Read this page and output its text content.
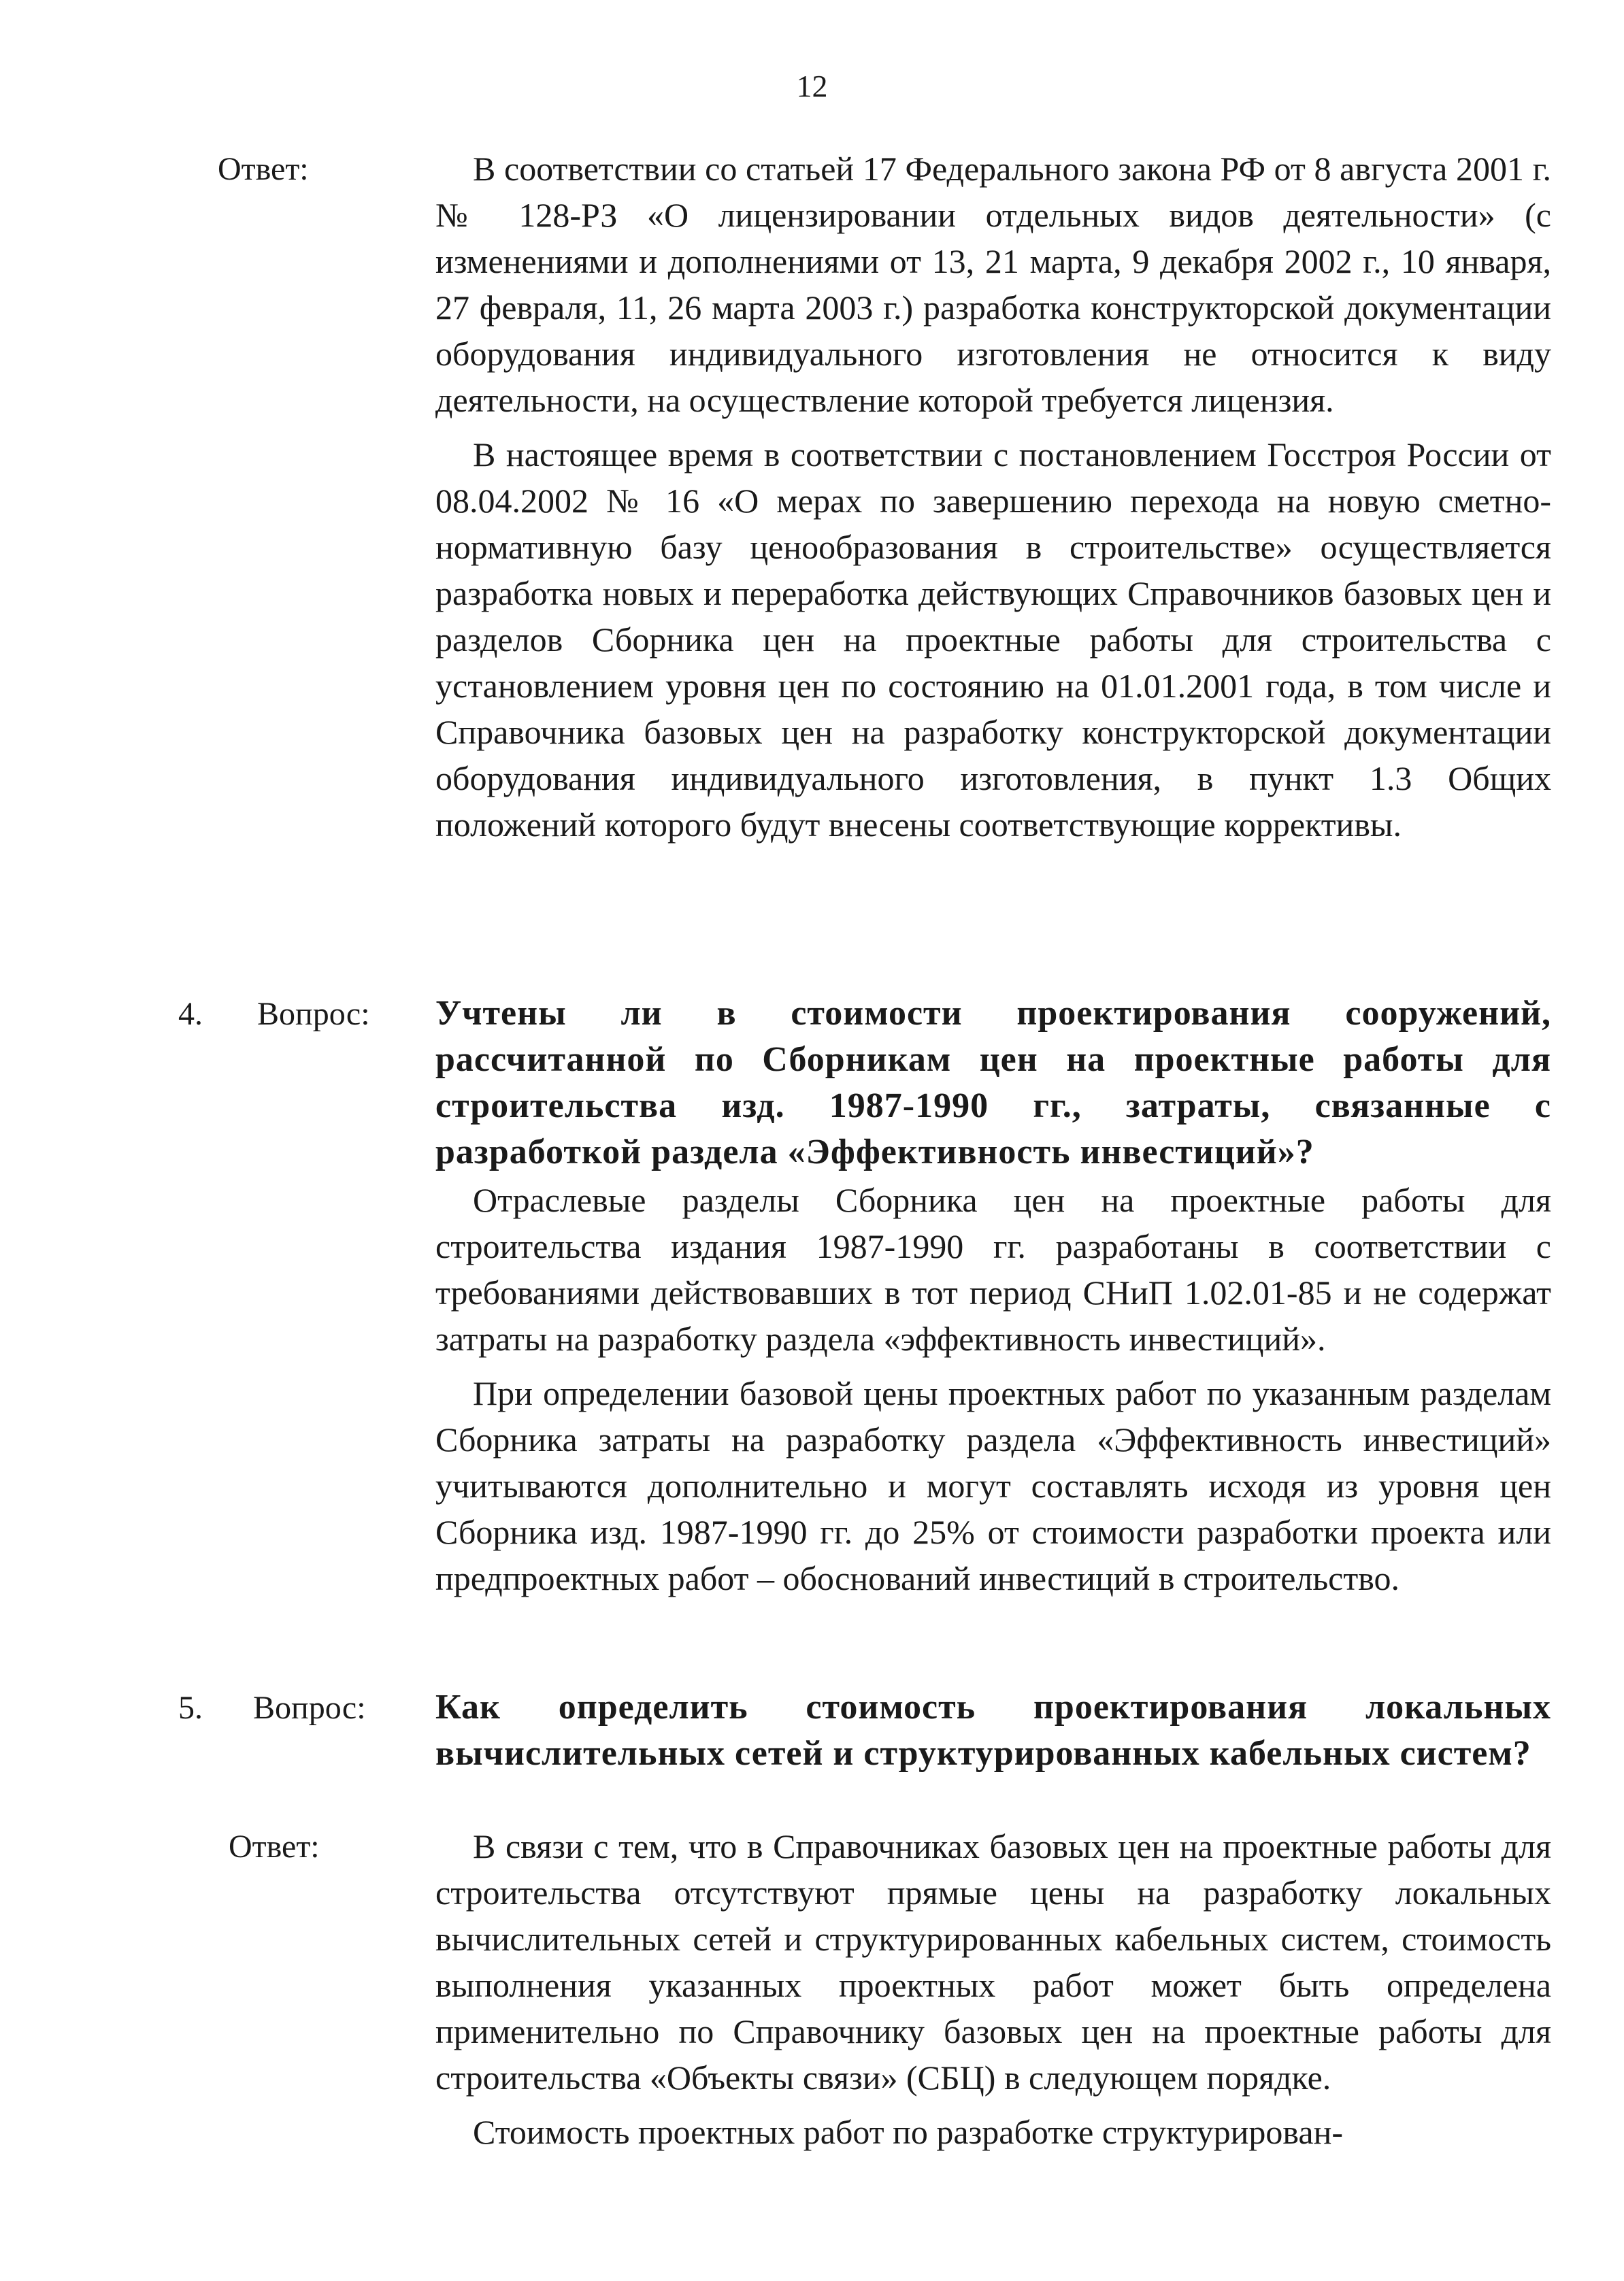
12
Ответ:	В соответствии со статьей 17 Федерального закона РФ от 8 августа 2001 г. № 128-РЗ «О лицензировании отдельных видов деятельности» (с изменениями и дополнениями от 13, 21 марта, 9 декабря 2002 г., 10 января, 27 февраля, 11, 26 марта 2003 г.) разработка конструкторской документации оборудования индивидуального изготовления не относится к виду деятельности, на осуществление которой требуется лицензия.

В настоящее время в соответствии с постановлением Госстроя России от 08.04.2002 № 16 «О мерах по завершению перехода на новую сметно-нормативную базу ценообразования в строительстве» осуществляется разработка новых и переработка действующих Справочников базовых цен и разделов Сборника цен на проектные работы для строительства с установлением уровня цен по состоянию на 01.01.2001 года, в том числе и Справочника базовых цен на разработку конструкторской документации оборудования индивидуального изготовления, в пункт 1.3 Общих положений которого будут внесены соответствующие коррективы.

4. Вопрос: Учтены ли в стоимости проектирования сооружений, рассчитанной по Сборникам цен на проектные работы для строительства изд. 1987-1990 гг., затраты, связанные с разработкой раздела «Эффективность инвестиций»?

Отраслевые разделы Сборника цен на проектные работы для строительства издания 1987-1990 гг. разработаны в соответствии с требованиями действовавших в тот период СНиП 1.02.01-85 и не содержат затраты на разработку раздела «эффективность инвестиций».

При определении базовой цены проектных работ по указанным разделам Сборника затраты на разработку раздела «Эффективность инвестиций» учитываются дополнительно и могут составлять исходя из уровня цен Сборника изд. 1987-1990 гг. до 25% от стоимости разработки проекта или предпроектных работ – обоснований инвестиций в строительство.

5. Вопрос: Как определить стоимость проектирования локальных вычислительных сетей и структурированных кабельных систем?
Ответ:	В связи с тем, что в Справочниках базовых цен на проектные работы для строительства отсутствуют прямые цены на разработку локальных вычислительных сетей и структурированных кабельных систем, стоимость выполнения указанных проектных работ может быть определена применительно по Справочнику базовых цен на проектные работы для строительства «Объекты связи» (СБЦ) в следующем порядке.

Стоимость проектных работ по разработке структурирован-
